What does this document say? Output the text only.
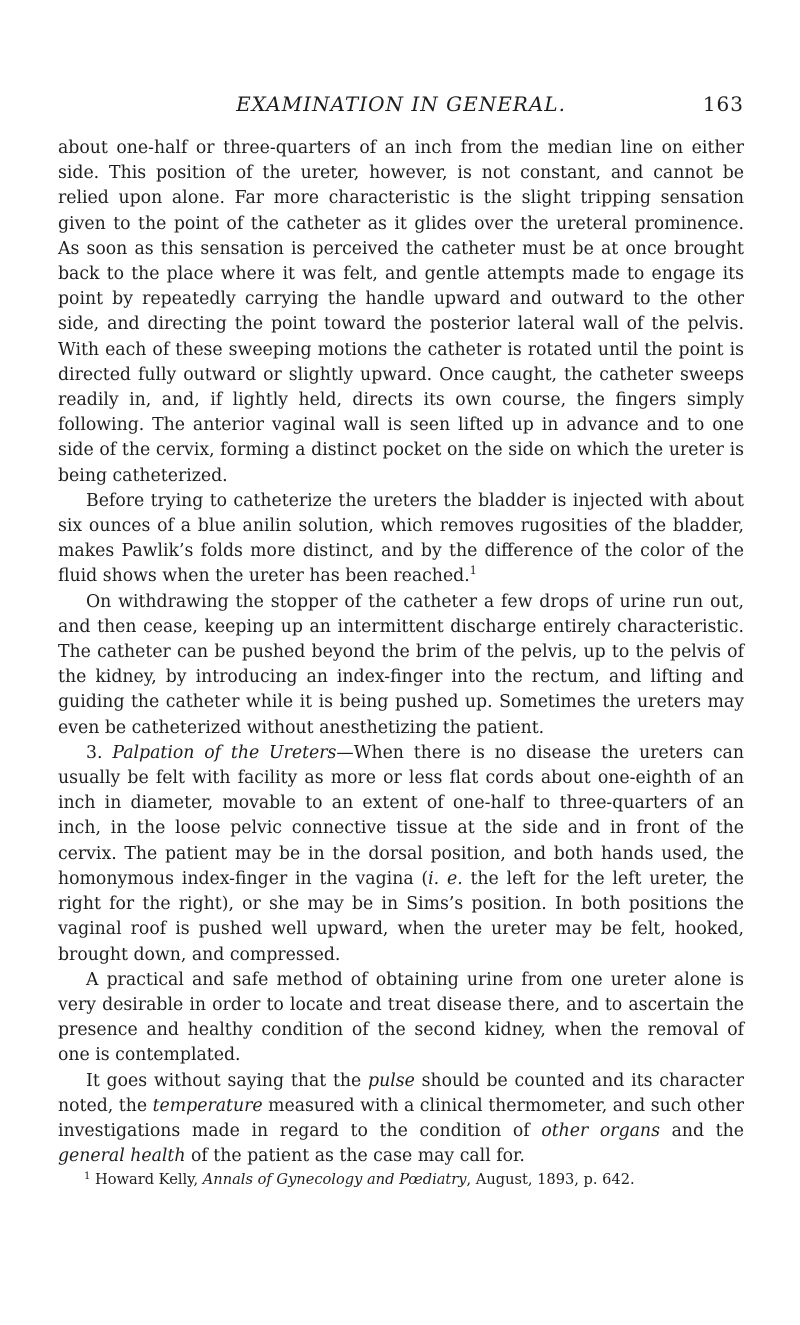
EXAMINATION IN GENERAL.	163

about one-half or three-quarters of an inch from the median line on either side. This position of the ureter, however, is not constant, and cannot be relied upon alone. Far more characteristic is the slight tripping sensation given to the point of the catheter as it glides over the ureteral prominence. As soon as this sensation is perceived the catheter must be at once brought back to the place where it was felt, and gentle attempts made to engage its point by repeatedly carrying the handle upward and outward to the other side, and directing the point toward the posterior lateral wall of the pelvis. With each of these sweeping motions the catheter is rotated until the point is directed fully outward or slightly upward. Once caught, the catheter sweeps readily in, and, if lightly held, directs its own course, the fingers simply following. The anterior vaginal wall is seen lifted up in advance and to one side of the cervix, forming a distinct pocket on the side on which the ureter is being catheterized.

Before trying to catheterize the ureters the bladder is injected with about six ounces of a blue anilin solution, which removes rugosities of the bladder, makes Pawlik’s folds more distinct, and by the difference of the color of the fluid shows when the ureter has been reached.$^1$

On withdrawing the stopper of the catheter a few drops of urine run out, and then cease, keeping up an intermittent discharge entirely characteristic. The catheter can be pushed beyond the brim of the pelvis, up to the pelvis of the kidney, by introducing an index-finger into the rectum, and lifting and guiding the catheter while it is being pushed up. Sometimes the ureters may even be catheterized without anesthetizing the patient.

3. Palpation of the Ureters—When there is no disease the ureters can usually be felt with facility as more or less flat cords about one-eighth of an inch in diameter, movable to an extent of one-half to three-quarters of an inch, in the loose pelvic connective tissue at the side and in front of the cervix. The patient may be in the dorsal position, and both hands used, the homonymous index-finger in the vagina (i. e. the left for the left ureter, the right for the right), or she may be in Sims’s position. In both positions the vaginal roof is pushed well upward, when the ureter may be felt, hooked, brought down, and compressed.

A practical and safe method of obtaining urine from one ureter alone is very desirable in order to locate and treat disease there, and to ascertain the presence and healthy condition of the second kidney, when the removal of one is contemplated.

It goes without saying that the pulse should be counted and its character noted, the temperature measured with a clinical thermometer, and such other investigations made in regard to the condition of other organs and the general health of the patient as the case may call for.

$^1$ Howard Kelly, Annals of Gynecology and Pœdiatry, August, 1893, p. 642.
